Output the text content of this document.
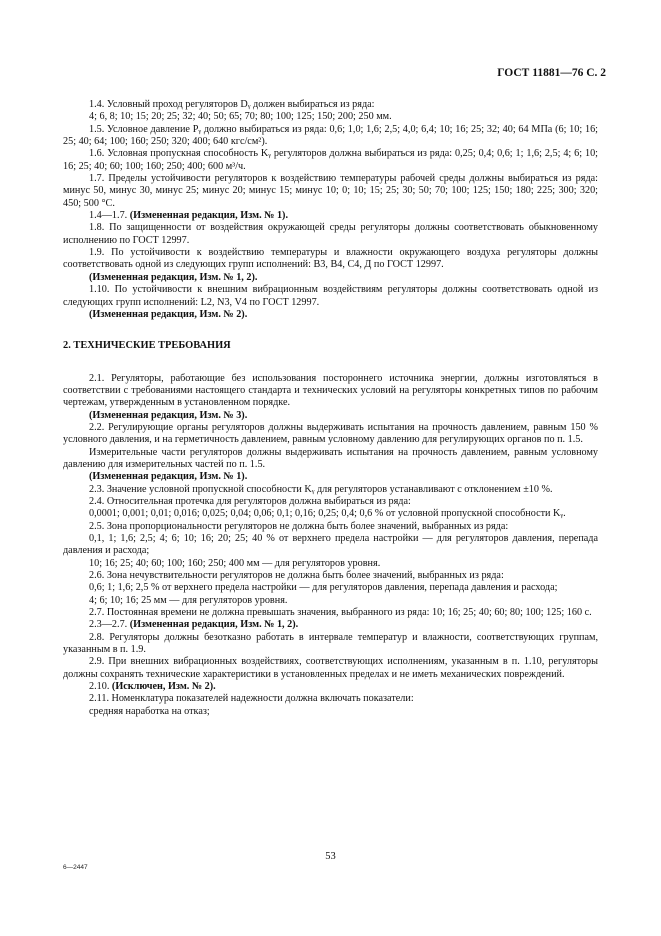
ГОСТ 11881—76 С. 2

1.4. Условный проход регуляторов Dᵧ должен выбираться из ряда:

4; 6, 8; 10; 15; 20; 25; 32; 40; 50; 65; 70; 80; 100; 125; 150; 200; 250 мм.

1.5. Условное давление Pᵧ должно выбираться из ряда: 0,6; 1,0; 1,6; 2,5; 4,0; 6,4; 10; 16; 25; 32; 40; 64 МПа (6; 10; 16; 25; 40; 64; 100; 160; 250; 320; 400; 640 кгс/см²).

1.6. Условная пропускная способность Kᵧ регуляторов должна выбираться из ряда: 0,25; 0,4; 0,6; 1; 1,6; 2,5; 4; 6; 10; 16; 25; 40; 60; 100; 160; 250; 400; 600 м³/ч.

1.7. Пределы устойчивости регуляторов к воздействию температуры рабочей среды должны выбираться из ряда: минус 50, минус 30, минус 25; минус 20; минус 15; минус 10; 0; 10; 15; 25; 30; 50; 70; 100; 125; 150; 180; 225; 300; 320; 450; 500 °С.

1.4—1.7. (Измененная редакция, Изм. № 1).

1.8. По защищенности от воздействия окружающей среды регуляторы должны соответствовать обыкновенному исполнению по ГОСТ 12997.

1.9. По устойчивости к воздействию температуры и влажности окружающего воздуха регуляторы должны соответствовать одной из следующих групп исполнений: В3, В4, С4, Д по ГОСТ 12997.

(Измененная редакция, Изм. № 1, 2).

1.10. По устойчивости к внешним вибрационным воздействиям регуляторы должны соответствовать одной из следующих групп исполнений: L2, N3, V4 по ГОСТ 12997.

(Измененная редакция, Изм. № 2).

2. ТЕХНИЧЕСКИЕ ТРЕБОВАНИЯ

2.1. Регуляторы, работающие без использования постороннего источника энергии, должны изготовляться в соответствии с требованиями настоящего стандарта и технических условий на регуляторы конкретных типов по рабочим чертежам, утвержденным в установленном порядке.

(Измененная редакция, Изм. № 3).

2.2. Регулирующие органы регуляторов должны выдерживать испытания на прочность давлением, равным 150 % условного давления, и на герметичность давлением, равным условному давлению для регулирующих органов по п. 1.5.

Измерительные части регуляторов должны выдерживать испытания на прочность давлением, равным условному давлению для измерительных частей по п. 1.5.

(Измененная редакция, Изм. № 1).

2.3. Значение условной пропускной способности Kᵧ для регуляторов устанавливают с отклонением ±10 %.

2.4. Относительная протечка для регуляторов должна выбираться из ряда:

0,0001; 0,001; 0,01; 0,016; 0,025; 0,04; 0,06; 0,1; 0,16; 0,25; 0,4; 0,6 % от условной пропускной способности Kᵧ.

2.5. Зона пропорциональности регуляторов не должна быть более значений, выбранных из ряда:

0,1, 1; 1,6; 2,5; 4; 6; 10; 16; 20; 25; 40 % от верхнего предела настройки — для регуляторов давления, перепада давления и расхода;

10; 16; 25; 40; 60; 100; 160; 250; 400 мм — для регуляторов уровня.

2.6. Зона нечувствительности регуляторов не должна быть более значений, выбранных из ряда:

0,6; 1; 1,6; 2,5 % от верхнего предела настройки — для регуляторов давления, перепада давления и расхода;

4; 6; 10; 16; 25 мм — для регуляторов уровня.

2.7. Постоянная времени не должна превышать значения, выбранного из ряда: 10; 16; 25; 40; 60; 80; 100; 125; 160 с.

2.3—2.7. (Измененная редакция, Изм. № 1, 2).

2.8. Регуляторы должны безотказно работать в интервале температур и влажности, соответствующих группам, указанным в п. 1.9.

2.9. При внешних вибрационных воздействиях, соответствующих исполнениям, указанным в п. 1.10, регуляторы должны сохранять технические характеристики в установленных пределах и не иметь механических повреждений.

2.10. (Исключен, Изм. № 2).

2.11. Номенклатура показателей надежности должна включать показатели:

средняя наработка на отказ;

53
6—2447
